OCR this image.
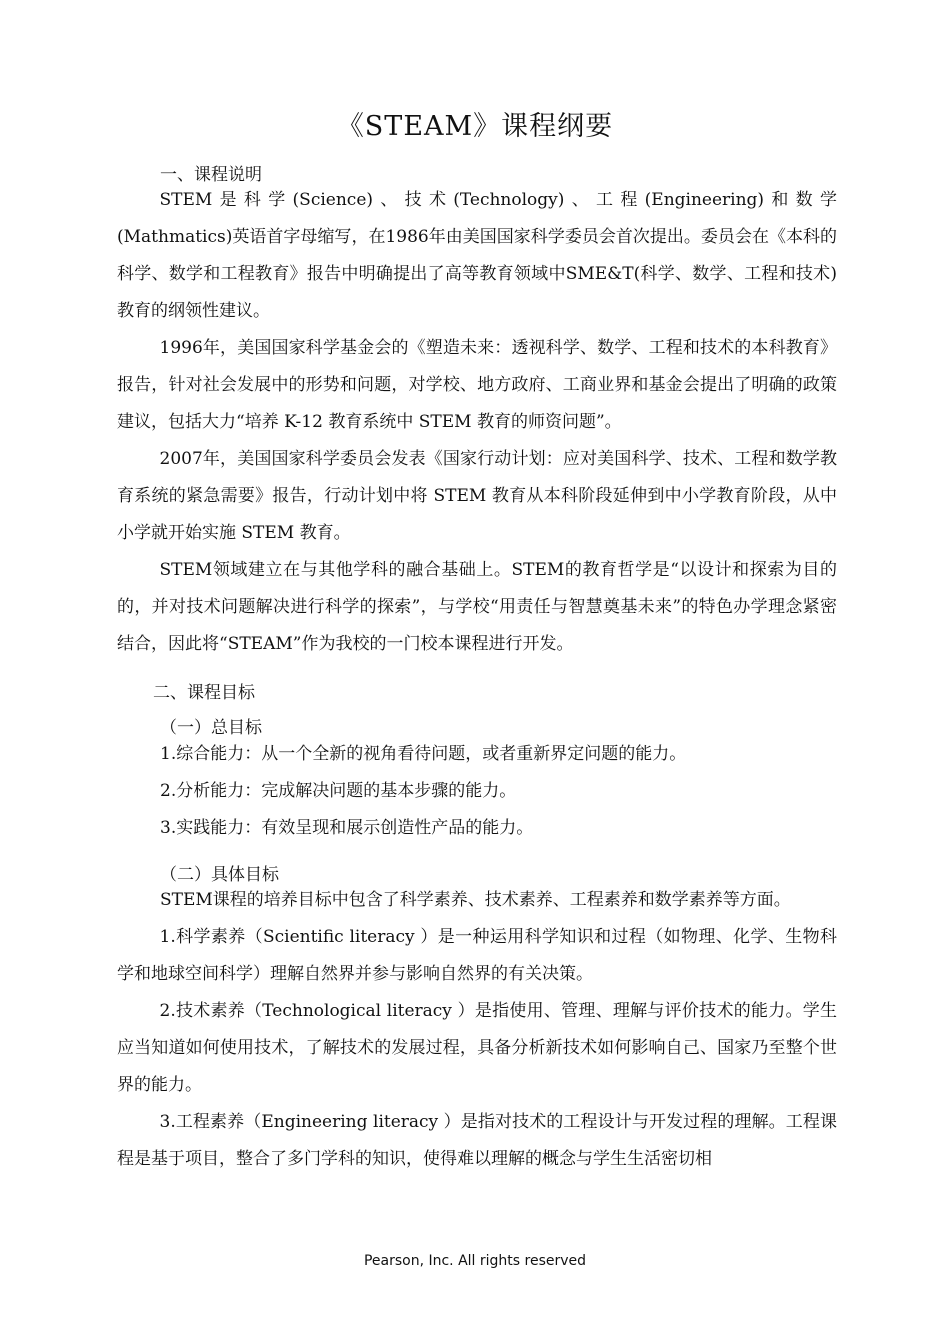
《STEAM》课程纲要
一、课程说明

STEM是科学(Science)、技术(Technology)、工程(Engineering)和数学(Mathmatics)英语首字母缩写，在1986年由美国国家科学委员会首次提出。委员会在《本科的科学、数学和工程教育》报告中明确提出了高等教育领域中SME&T(科学、数学、工程和技术)教育的纲领性建议。

1996年，美国国家科学基金会的《塑造未来：透视科学、数学、工程和技术的本科教育》报告，针对社会发展中的形势和问题，对学校、地方政府、工商业界和基金会提出了明确的政策建议，包括大力“培养 K-12 教育系统中 STEM 教育的师资问题”。

2007年，美国国家科学委员会发表《国家行动计划：应对美国科学、技术、工程和数学教育系统的紧急需要》报告，行动计划中将 STEM 教育从本科阶段延伸到中小学教育阶段，从中小学就开始实施 STEM 教育。

STEM领域建立在与其他学科的融合基础上。STEM的教育哲学是“以设计和探索为目的的，并对技术问题解决进行科学的探索”，与学校“用责任与智慧奠基未来”的特色办学理念紧密结合，因此将“STEAM”作为我校的一门校本课程进行开发。

二、课程目标
（一）总目标
1.综合能力：从一个全新的视角看待问题，或者重新界定问题的能力。
2.分析能力：完成解决问题的基本步骤的能力。
3.实践能力：有效呈现和展示创造性产品的能力。
（二）具体目标
STEM课程的培养目标中包含了科学素养、技术素养、工程素养和数学素养等方面。

1.科学素养（Scientific literacy ）是一种运用科学知识和过程（如物理、化学、生物科学和地球空间科学）理解自然界并参与影响自然界的有关决策。

2.技术素养（Technological literacy ）是指使用、管理、理解与评价技术的能力。学生应当知道如何使用技术，了解技术的发展过程，具备分析新技术如何影响自己、国家乃至整个世界的能力。

3.工程素养（Engineering literacy ）是指对技术的工程设计与开发过程的理解。工程课程是基于项目，整合了多门学科的知识，使得难以理解的概念与学生生活密切相

Pearson, Inc. All rights reserved
